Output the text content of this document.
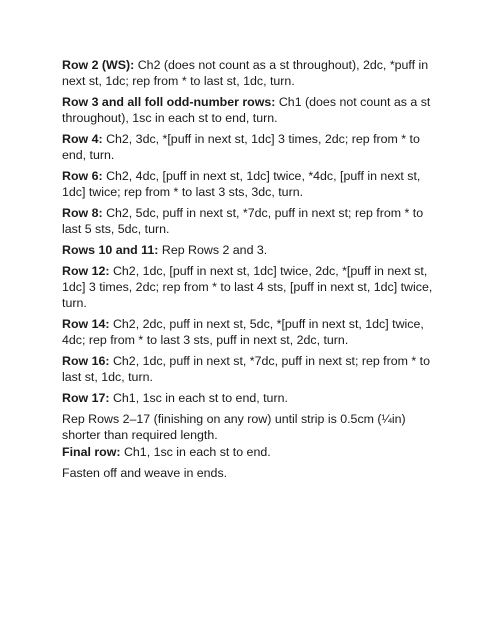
Row 2 (WS): Ch2 (does not count as a st throughout), 2dc, *puff in next st, 1dc; rep from * to last st, 1dc, turn.

Row 3 and all foll odd-number rows: Ch1 (does not count as a st throughout), 1sc in each st to end, turn.

Row 4: Ch2, 3dc, *[puff in next st, 1dc] 3 times, 2dc; rep from * to end, turn.

Row 6: Ch2, 4dc, [puff in next st, 1dc] twice, *4dc, [puff in next st, 1dc] twice; rep from * to last 3 sts, 3dc, turn.

Row 8: Ch2, 5dc, puff in next st, *7dc, puff in next st; rep from * to last 5 sts, 5dc, turn.

Rows 10 and 11: Rep Rows 2 and 3.

Row 12: Ch2, 1dc, [puff in next st, 1dc] twice, 2dc, *[puff in next st, 1dc] 3 times, 2dc; rep from * to last 4 sts, [puff in next st, 1dc] twice, turn.

Row 14: Ch2, 2dc, puff in next st, 5dc, *[puff in next st, 1dc] twice, 4dc; rep from * to last 3 sts, puff in next st, 2dc, turn.

Row 16: Ch2, 1dc, puff in next st, *7dc, puff in next st; rep from * to last st, 1dc, turn.

Row 17: Ch1, 1sc in each st to end, turn.

Rep Rows 2–17 (finishing on any row) until strip is 0.5cm (¼in) shorter than required length.

Final row: Ch1, 1sc in each st to end.

Fasten off and weave in ends.
